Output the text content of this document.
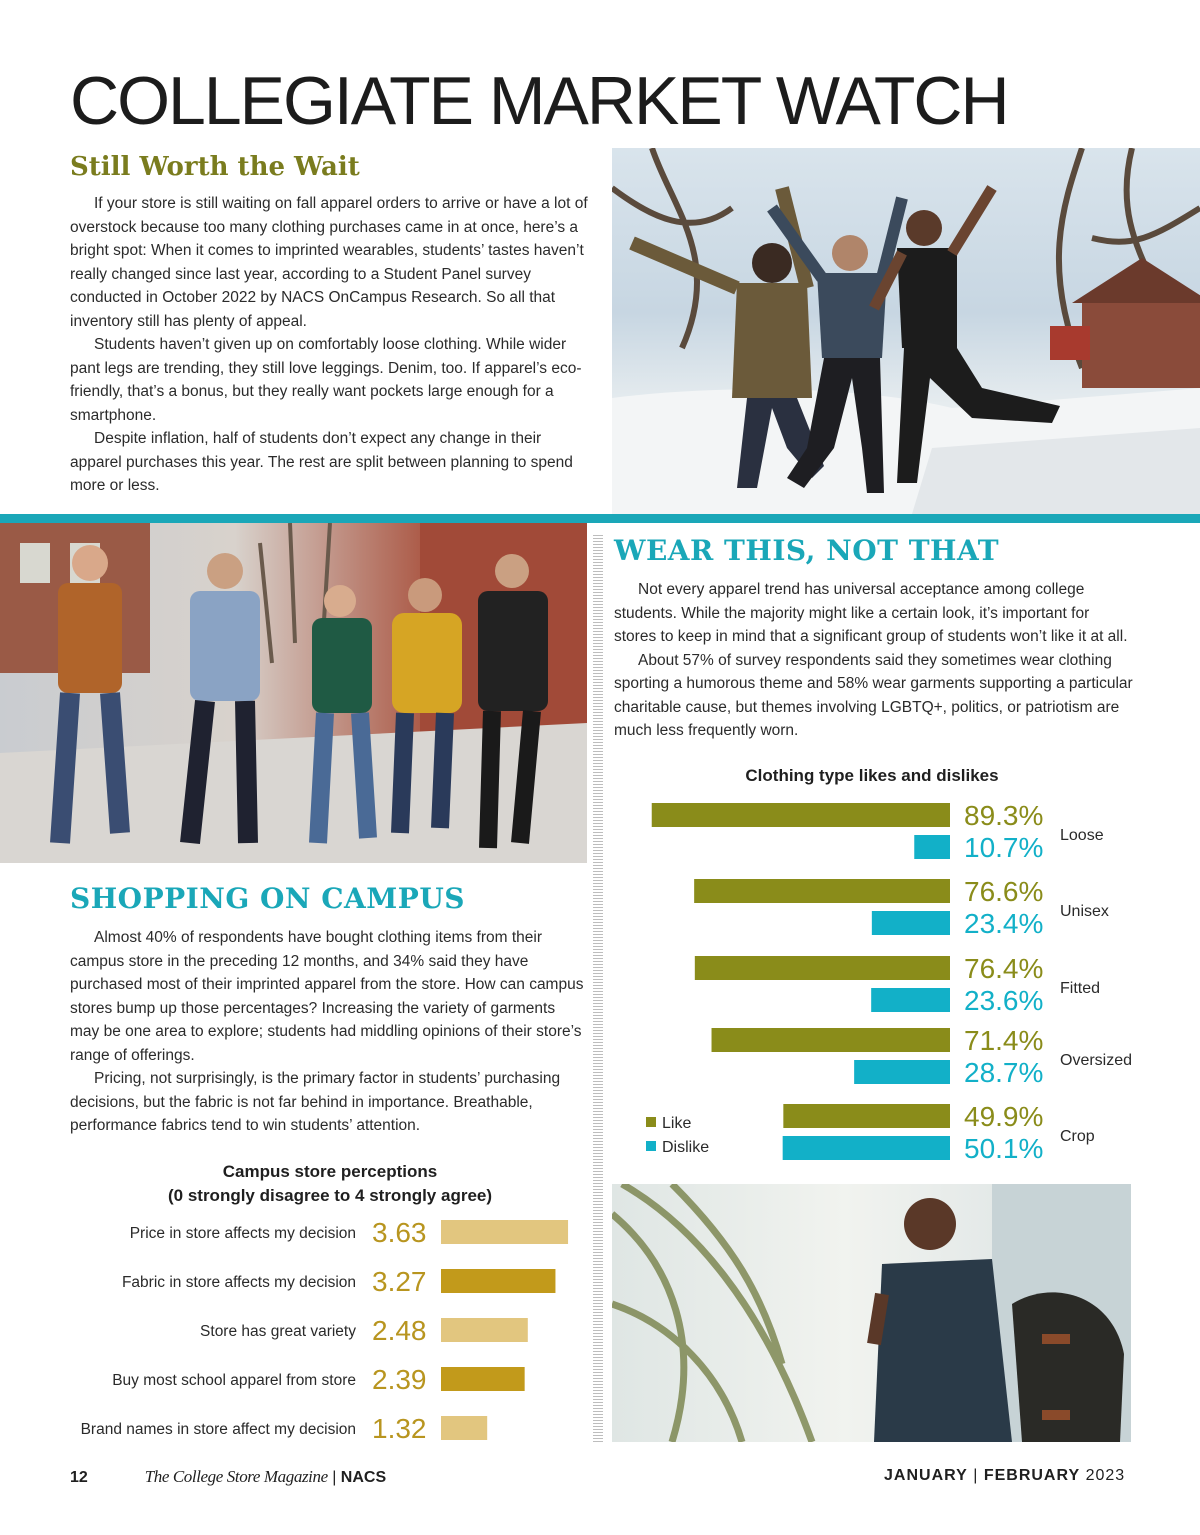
COLLEGIATE MARKET WATCH
Still Worth the Wait

If your store is still waiting on fall apparel orders to arrive or have a lot of overstock because too many clothing purchases came in at once, here’s a bright spot: When it comes to imprinted wearables, students’ tastes haven’t really changed since last year, according to a Student Panel survey conducted in October 2022 by NACS OnCampus Research. So all that inventory still has plenty of appeal.

Students haven’t given up on comfortably loose clothing. While wider pant legs are trending, they still love leggings. Denim, too. If apparel’s eco-friendly, that’s a bonus, but they really want pockets large enough for a smartphone.

Despite inflation, half of students don’t expect any change in their apparel purchases this year. The rest are split between planning to spend more or less.

WEAR THIS, NOT THAT

Not every apparel trend has universal acceptance among college students. While the majority might like a certain look, it’s important for stores to keep in mind that a significant group of students won’t like it at all.

About 57% of survey respondents said they sometimes wear clothing sporting a humorous theme and 58% wear garments supporting a particular charitable cause, but themes involving LGBTQ+, politics, or patriotism are much less frequently worn.

Clothing type likes and dislikes
89.3%
10.7% Loose
76.6%
23.4% Unisex
76.4%
23.6% Fitted
71.4%
28.7% Oversized
49.9%
50.1% Crop
Like
Dislike
SHOPPING ON CAMPUS

Almost 40% of respondents have bought clothing items from their campus store in the preceding 12 months, and 34% said they have purchased most of their imprinted apparel from the store. How can campus stores bump up those percentages? Increasing the variety of garments may be one area to explore; students had middling opinions of their store’s range of offerings.

Pricing, not surprisingly, is the primary factor in students’ purchasing decisions, but the fabric is not far behind in importance. Breathable, performance fabrics tend to win students’ attention.

Campus store perceptions
(0 strongly disagree to 4 strongly agree)
Price in store affects my decision 3.63
Fabric in store affects my decision 3.27
Store has great variety 2.48
Buy most school apparel from store 2.39
Brand names in store affect my decision 1.32
12	The College Store Magazine | NACS	JANUARY | FEBRUARY 2023
